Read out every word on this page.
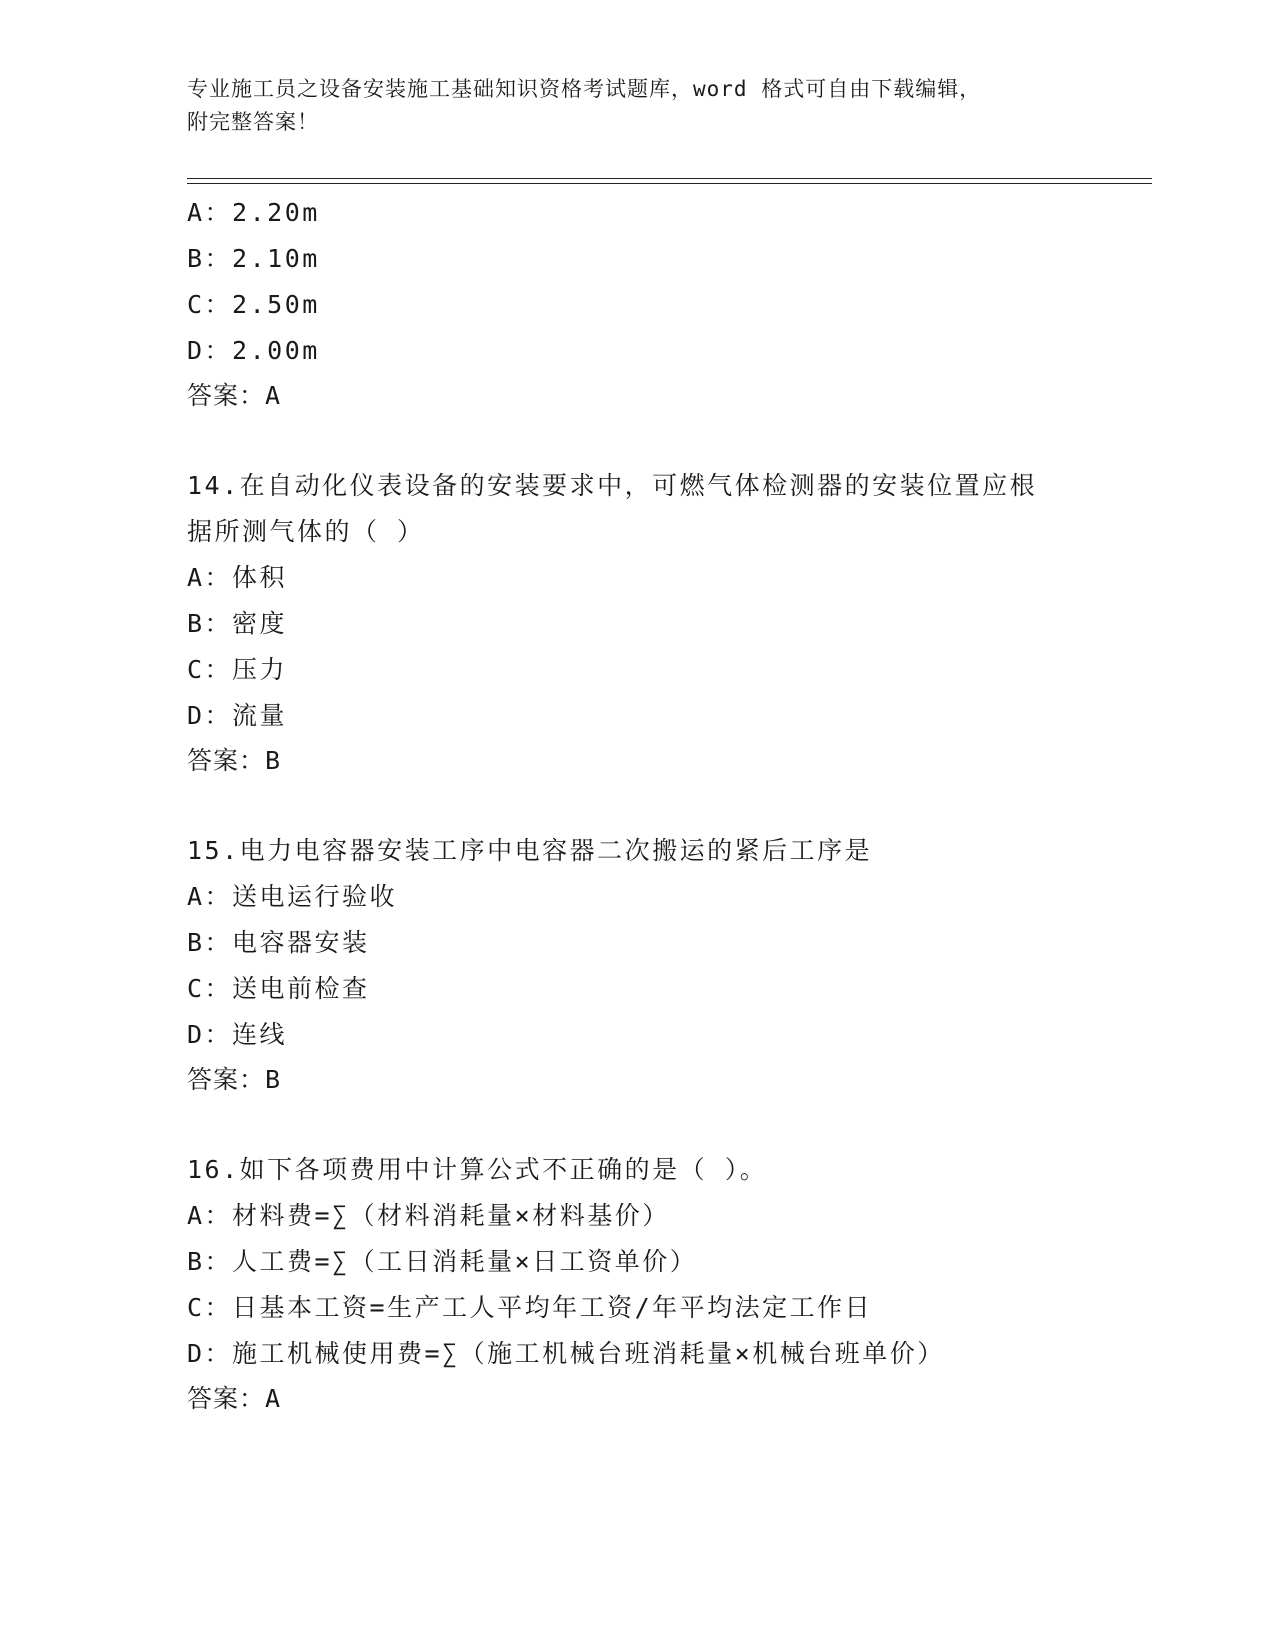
专业施工员之设备安装施工基础知识资格考试题库，word 格式可自由下载编辑，
附完整答案！
A：2.20m
B：2.10m
C：2.50m
D：2.00m
答案：A
14.在自动化仪表设备的安装要求中，可燃气体检测器的安装位置应根
据所测气体的（ ）
A：体积
B：密度
C：压力
D：流量
答案：B
15.电力电容器安装工序中电容器二次搬运的紧后工序是
A：送电运行验收
B：电容器安装
C：送电前检查
D：连线
答案：B
16.如下各项费用中计算公式不正确的是（ ）。
A：材料费=∑（材料消耗量×材料基价）
B：人工费=∑（工日消耗量×日工资单价）
C：日基本工资=生产工人平均年工资/年平均法定工作日
D：施工机械使用费=∑（施工机械台班消耗量×机械台班单价）
答案：A
